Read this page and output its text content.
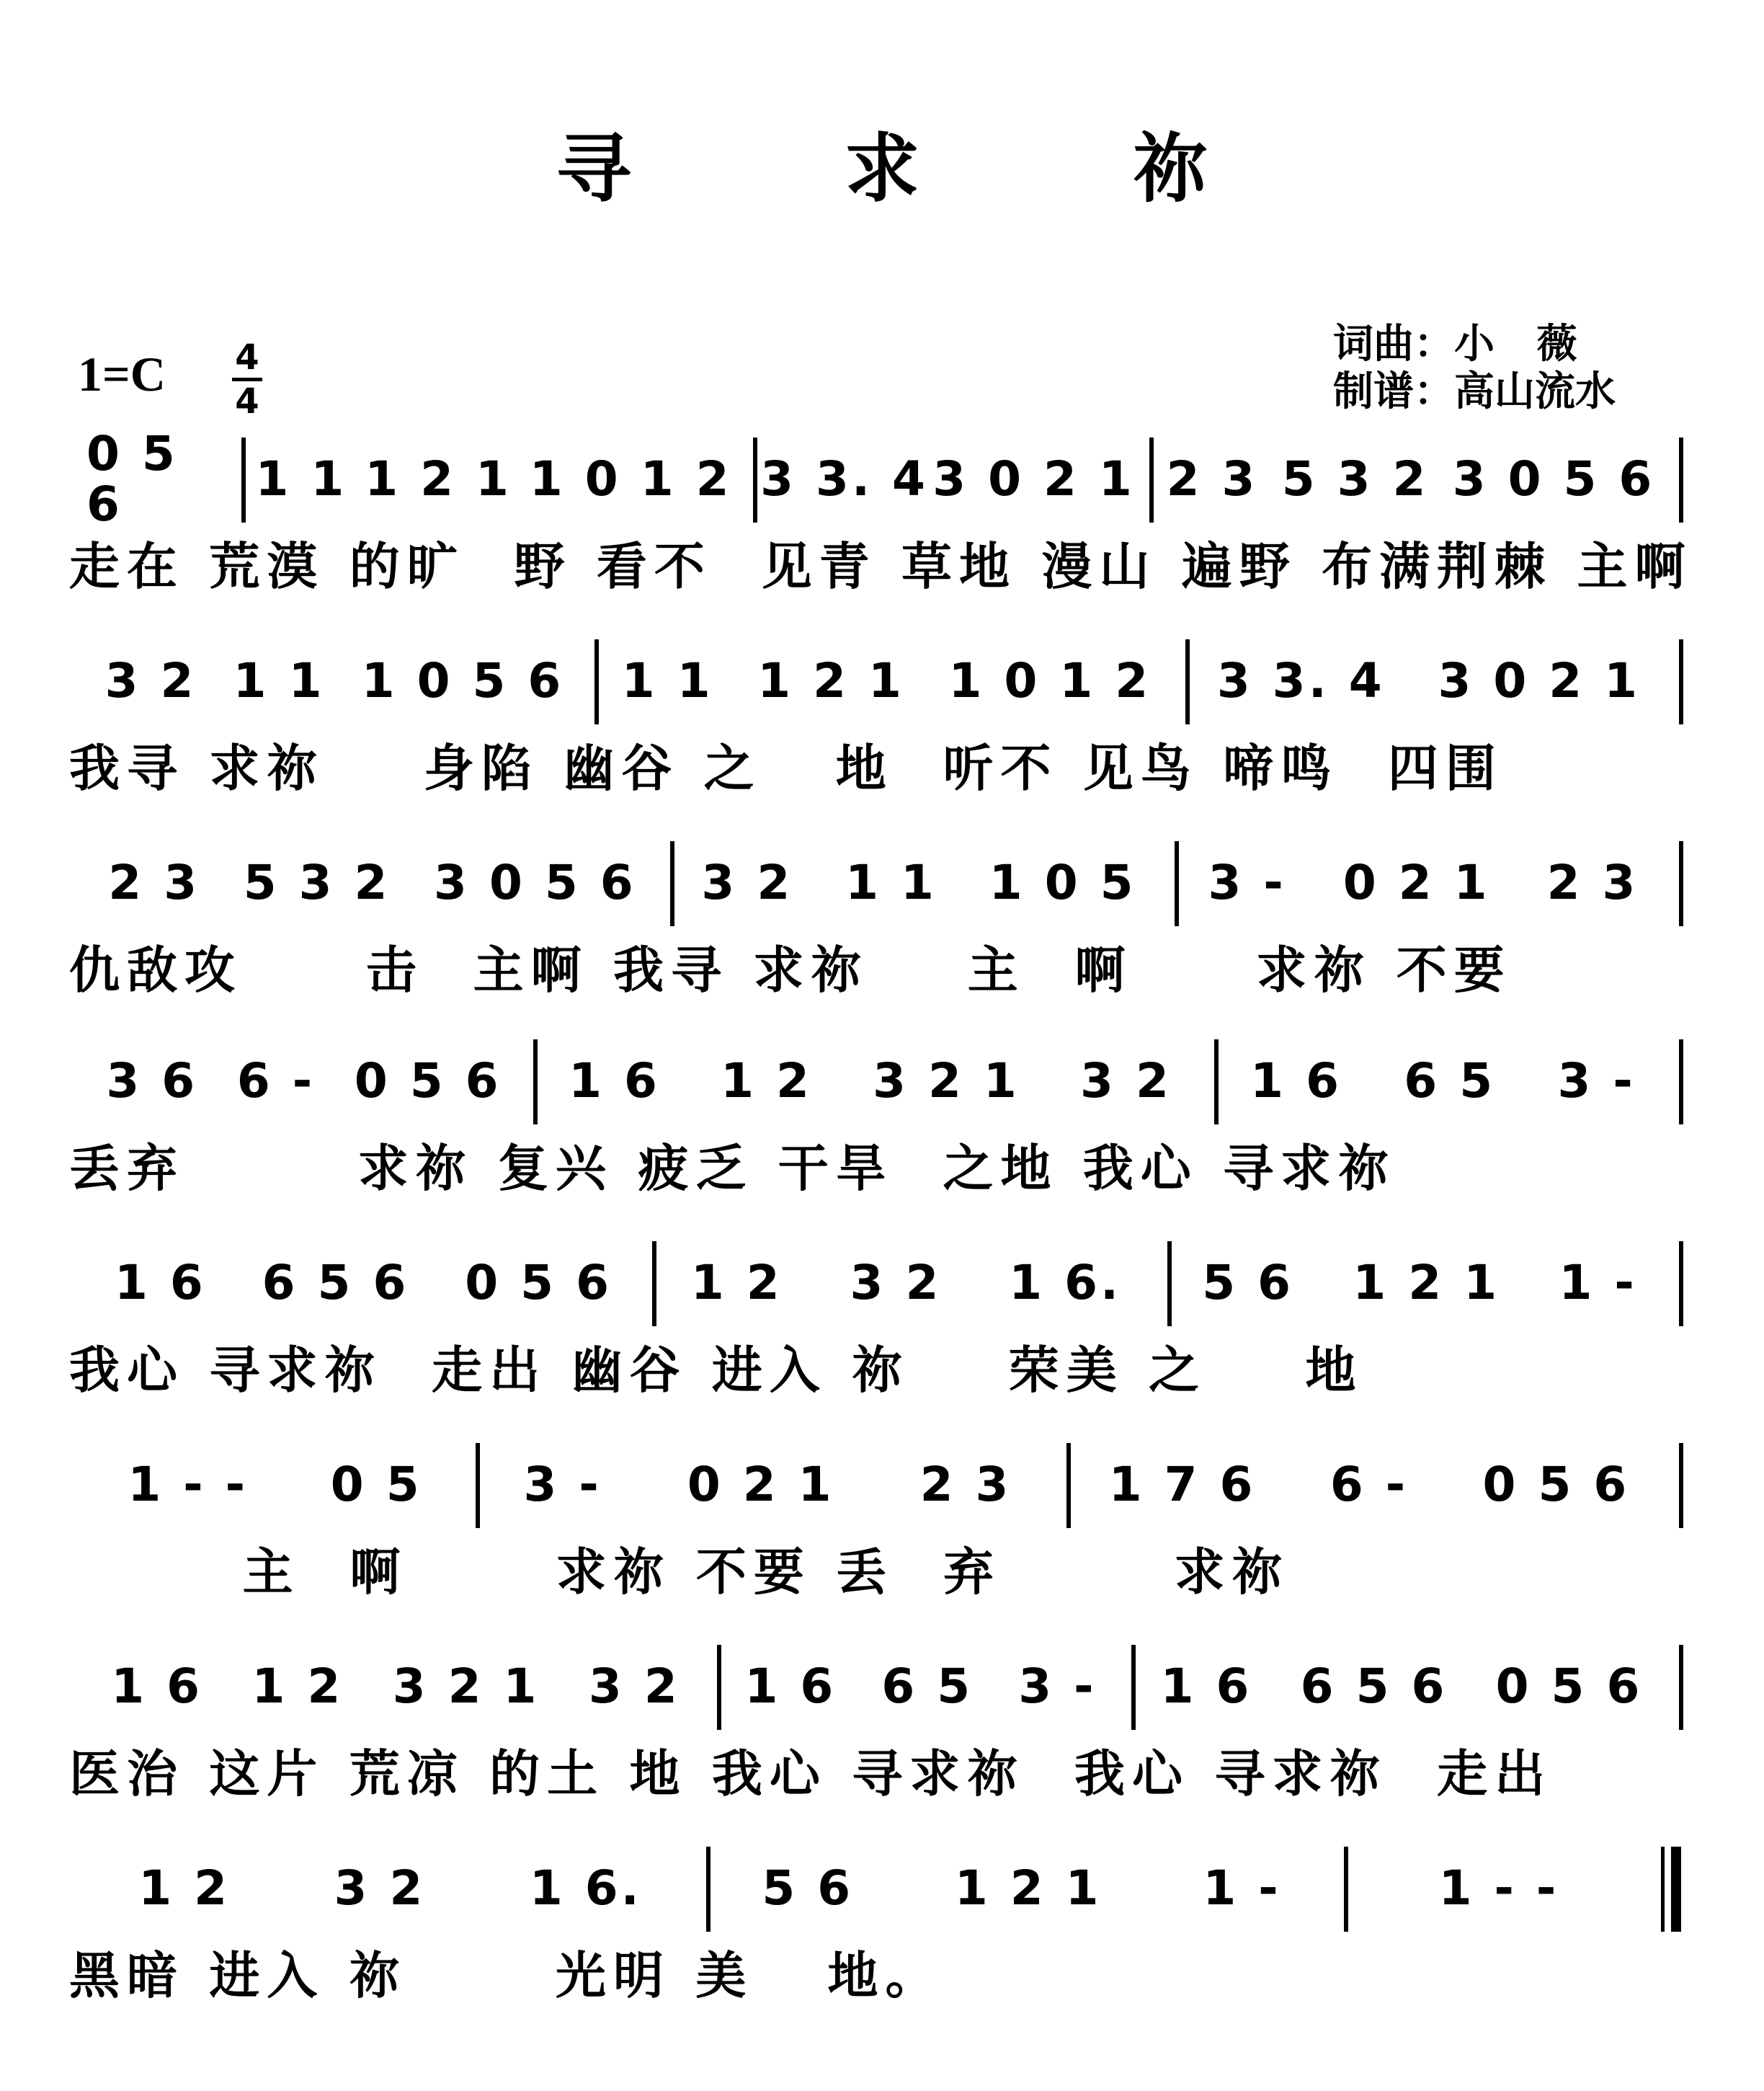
寻 求 祢
1=C 4
4
词曲：小   薇
制谱：高山流水
0 5 6	1 1 1 2 1 1 0 1 2 3 3. 4 3 0 2 1 2 3 5 3 2 3 0 5 6
走在 荒漠 的旷  野 看不  见青 草地 漫山 遍野 布满荆棘 主啊
3 2 1 1 1 0 5 6 1 1 1 2 1 1 0 1 2 3 3. 4 3 0 2 1
我寻 求祢    身陷 幽谷 之   地  听不 见鸟 啼鸣  四围
2 3 5 3 2 3 0 5 6 3 2 1 1 1 0 5 3 - 0 2 1 2 3
仇敌攻     击  主啊 我寻 求祢    主  啊     求祢 不要
3 6 6 - 0 5 6 1 6 1 2 3 2 1 3 2 1 6 6 5 3 -
丢弃       求祢 复兴 疲乏 干旱  之地 我心 寻求祢
1 6 6 5 6 0 5 6 1 2 3 2 1 6. 5 6 1 2 1 1 -
我心 寻求祢  走出 幽谷 进入 祢    荣美 之    地
1 - - 0 5 3 - 0 2 1 2 3 1 7 6 6 - 0 5 6
主  啊      求祢 不要 丢  弃       求祢
1 6 1 2 3 2 1 3 2 1 6 6 5 3 - 1 6 6 5 6 0 5 6
医治 这片 荒凉 的土 地 我心 寻求祢  我心 寻求祢  走出
1 2 3 2 1 6.	5 6 1 2 1 1 -	1 - -
黑暗 进入 祢      光明 美   地。
